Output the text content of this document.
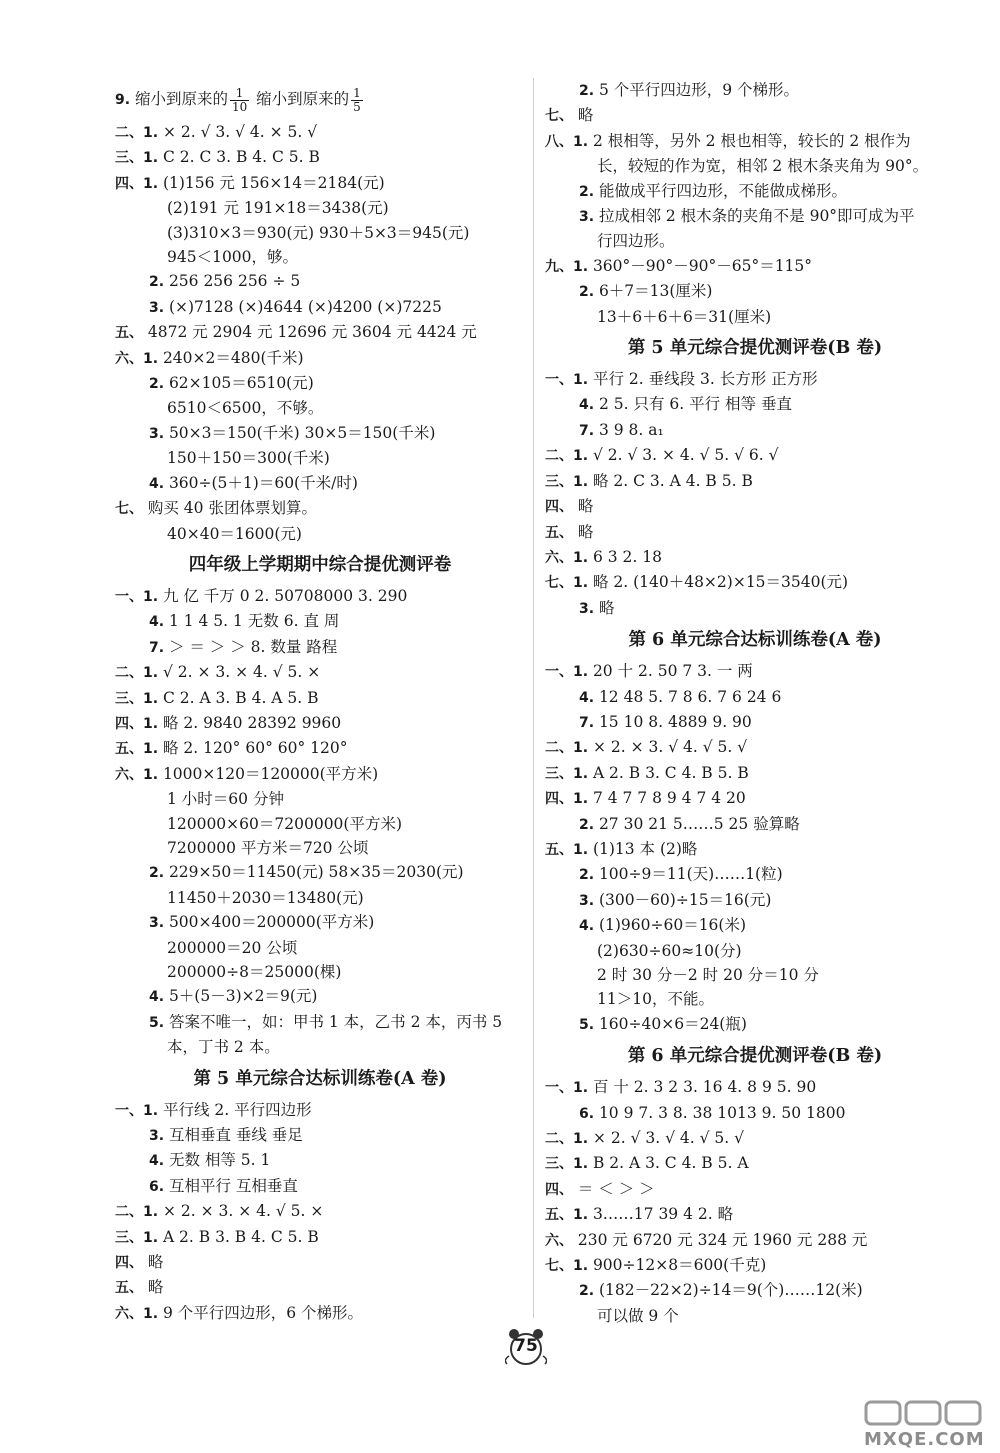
9. 缩小到原来的 $\frac{1}{10}$ 缩小到原来的 $\frac{1}{5}$
二、1. × 2. √ 3. √ 4. × 5. √
三、1. C 2. C 3. B 4. C 5. B
四、1. (1)156 元 156×14＝2184(元)
(2)191 元 191×18＝3438(元)
(3)310×3＝930(元) 930＋5×3＝945(元)
945＜1000，够。
2. 256 256 256 ÷ 5
3. (×)7128 (×)4644 (×)4200 (×)7225
五、 4872 元 2904 元 12696 元 3604 元 4424 元
六、1. 240×2＝480(千米)
2. 62×105＝6510(元)
6510＜6500，不够。
3. 50×3＝150(千米) 30×5＝150(千米)
150＋150＝300(千米)
4. 360÷(5＋1)＝60(千米/时)
七、 购买 40 张团体票划算。
40×40＝1600(元)
四年级上学期期中综合提优测评卷
一、1. 九 亿 千万 0 2. 50708000 3. 290
4. 1 1 4 5. 1 无数 6. 直 周
7. ＞ ＝ ＞ ＞ 8. 数量 路程
二、1. √ 2. × 3. × 4. √ 5. ×
三、1. C 2. A 3. B 4. A 5. B
四、1. 略 2. 9840 28392 9960
五、1. 略 2. 120° 60° 60° 120°
六、1. 1000×120＝120000(平方米)
1 小时＝60 分钟
120000×60＝7200000(平方米)
7200000 平方米＝720 公顷
2. 229×50＝11450(元) 58×35＝2030(元)
11450＋2030＝13480(元)
3. 500×400＝200000(平方米)
200000＝20 公顷
200000÷8＝25000(棵)
4. 5＋(5－3)×2＝9(元)
5. 答案不唯一，如：甲书 1 本，乙书 2 本，丙书 5
本，丁书 2 本。
第 5 单元综合达标训练卷(A 卷)
一、1. 平行线 2. 平行四边形
3. 互相垂直 垂线 垂足
4. 无数 相等 5. 1
6. 互相平行 互相垂直
二、1. × 2. × 3. × 4. √ 5. ×
三、1. A 2. B 3. B 4. C 5. B
四、 略
五、 略
六、1. 9 个平行四边形，6 个梯形。
2. 5 个平行四边形，9 个梯形。
七、 略
八、1. 2 根相等，另外 2 根也相等，较长的 2 根作为
长，较短的作为宽，相邻 2 根木条夹角为 90°。
2. 能做成平行四边形，不能做成梯形。
3. 拉成相邻 2 根木条的夹角不是 90°即可成为平
行四边形。
九、1. 360°－90°－90°－65°＝115°
2. 6＋7＝13(厘米)
13＋6＋6＋6＝31(厘米)
第 5 单元综合提优测评卷(B 卷)
一、1. 平行 2. 垂线段 3. 长方形 正方形
4. 2 5. 只有 6. 平行 相等 垂直
7. 3 9 8. a₁
二、1. √ 2. √ 3. × 4. √ 5. √ 6. √
三、1. 略 2. C 3. A 4. B 5. B
四、 略
五、 略
六、1. 6 3 2. 18
七、1. 略 2. (140＋48×2)×15＝3540(元)
3. 略
第 6 单元综合达标训练卷(A 卷)
一、1. 20 十 2. 50 7 3. 一 两
4. 12 48 5. 7 8 6. 7 6 24 6
7. 15 10 8. 4889 9. 90
二、1. × 2. × 3. √ 4. √ 5. √
三、1. A 2. B 3. C 4. B 5. B
四、1. 7 4 7 7 8 9 4 7 4 20
2. 27 30 21 5……5 25 验算略
五、1. (1)13 本 (2)略
2. 100÷9＝11(天)……1(粒)
3. (300－60)÷15＝16(元)
4. (1)960÷60＝16(米)
(2)630÷60≈10(分)
2 时 30 分－2 时 20 分＝10 分
11＞10，不能。
5. 160÷40×6＝24(瓶)
第 6 单元综合提优测评卷(B 卷)
一、1. 百 十 2. 3 2 3. 16 4. 8 9 5. 90
6. 10 9 7. 3 8. 38 1013 9. 50 1800
二、1. × 2. √ 3. √ 4. √ 5. √
三、1. B 2. A 3. C 4. B 5. A
四、 ＝ ＜ ＞ ＞
五、1. 3……17 39 4 2. 略
六、 230 元 6720 元 324 元 1960 元 288 元
七、1. 900÷12×8＝600(千克)
2. (182－22×2)÷14＝9(个)……12(米)
可以做 9 个
75
MXQE.COM
